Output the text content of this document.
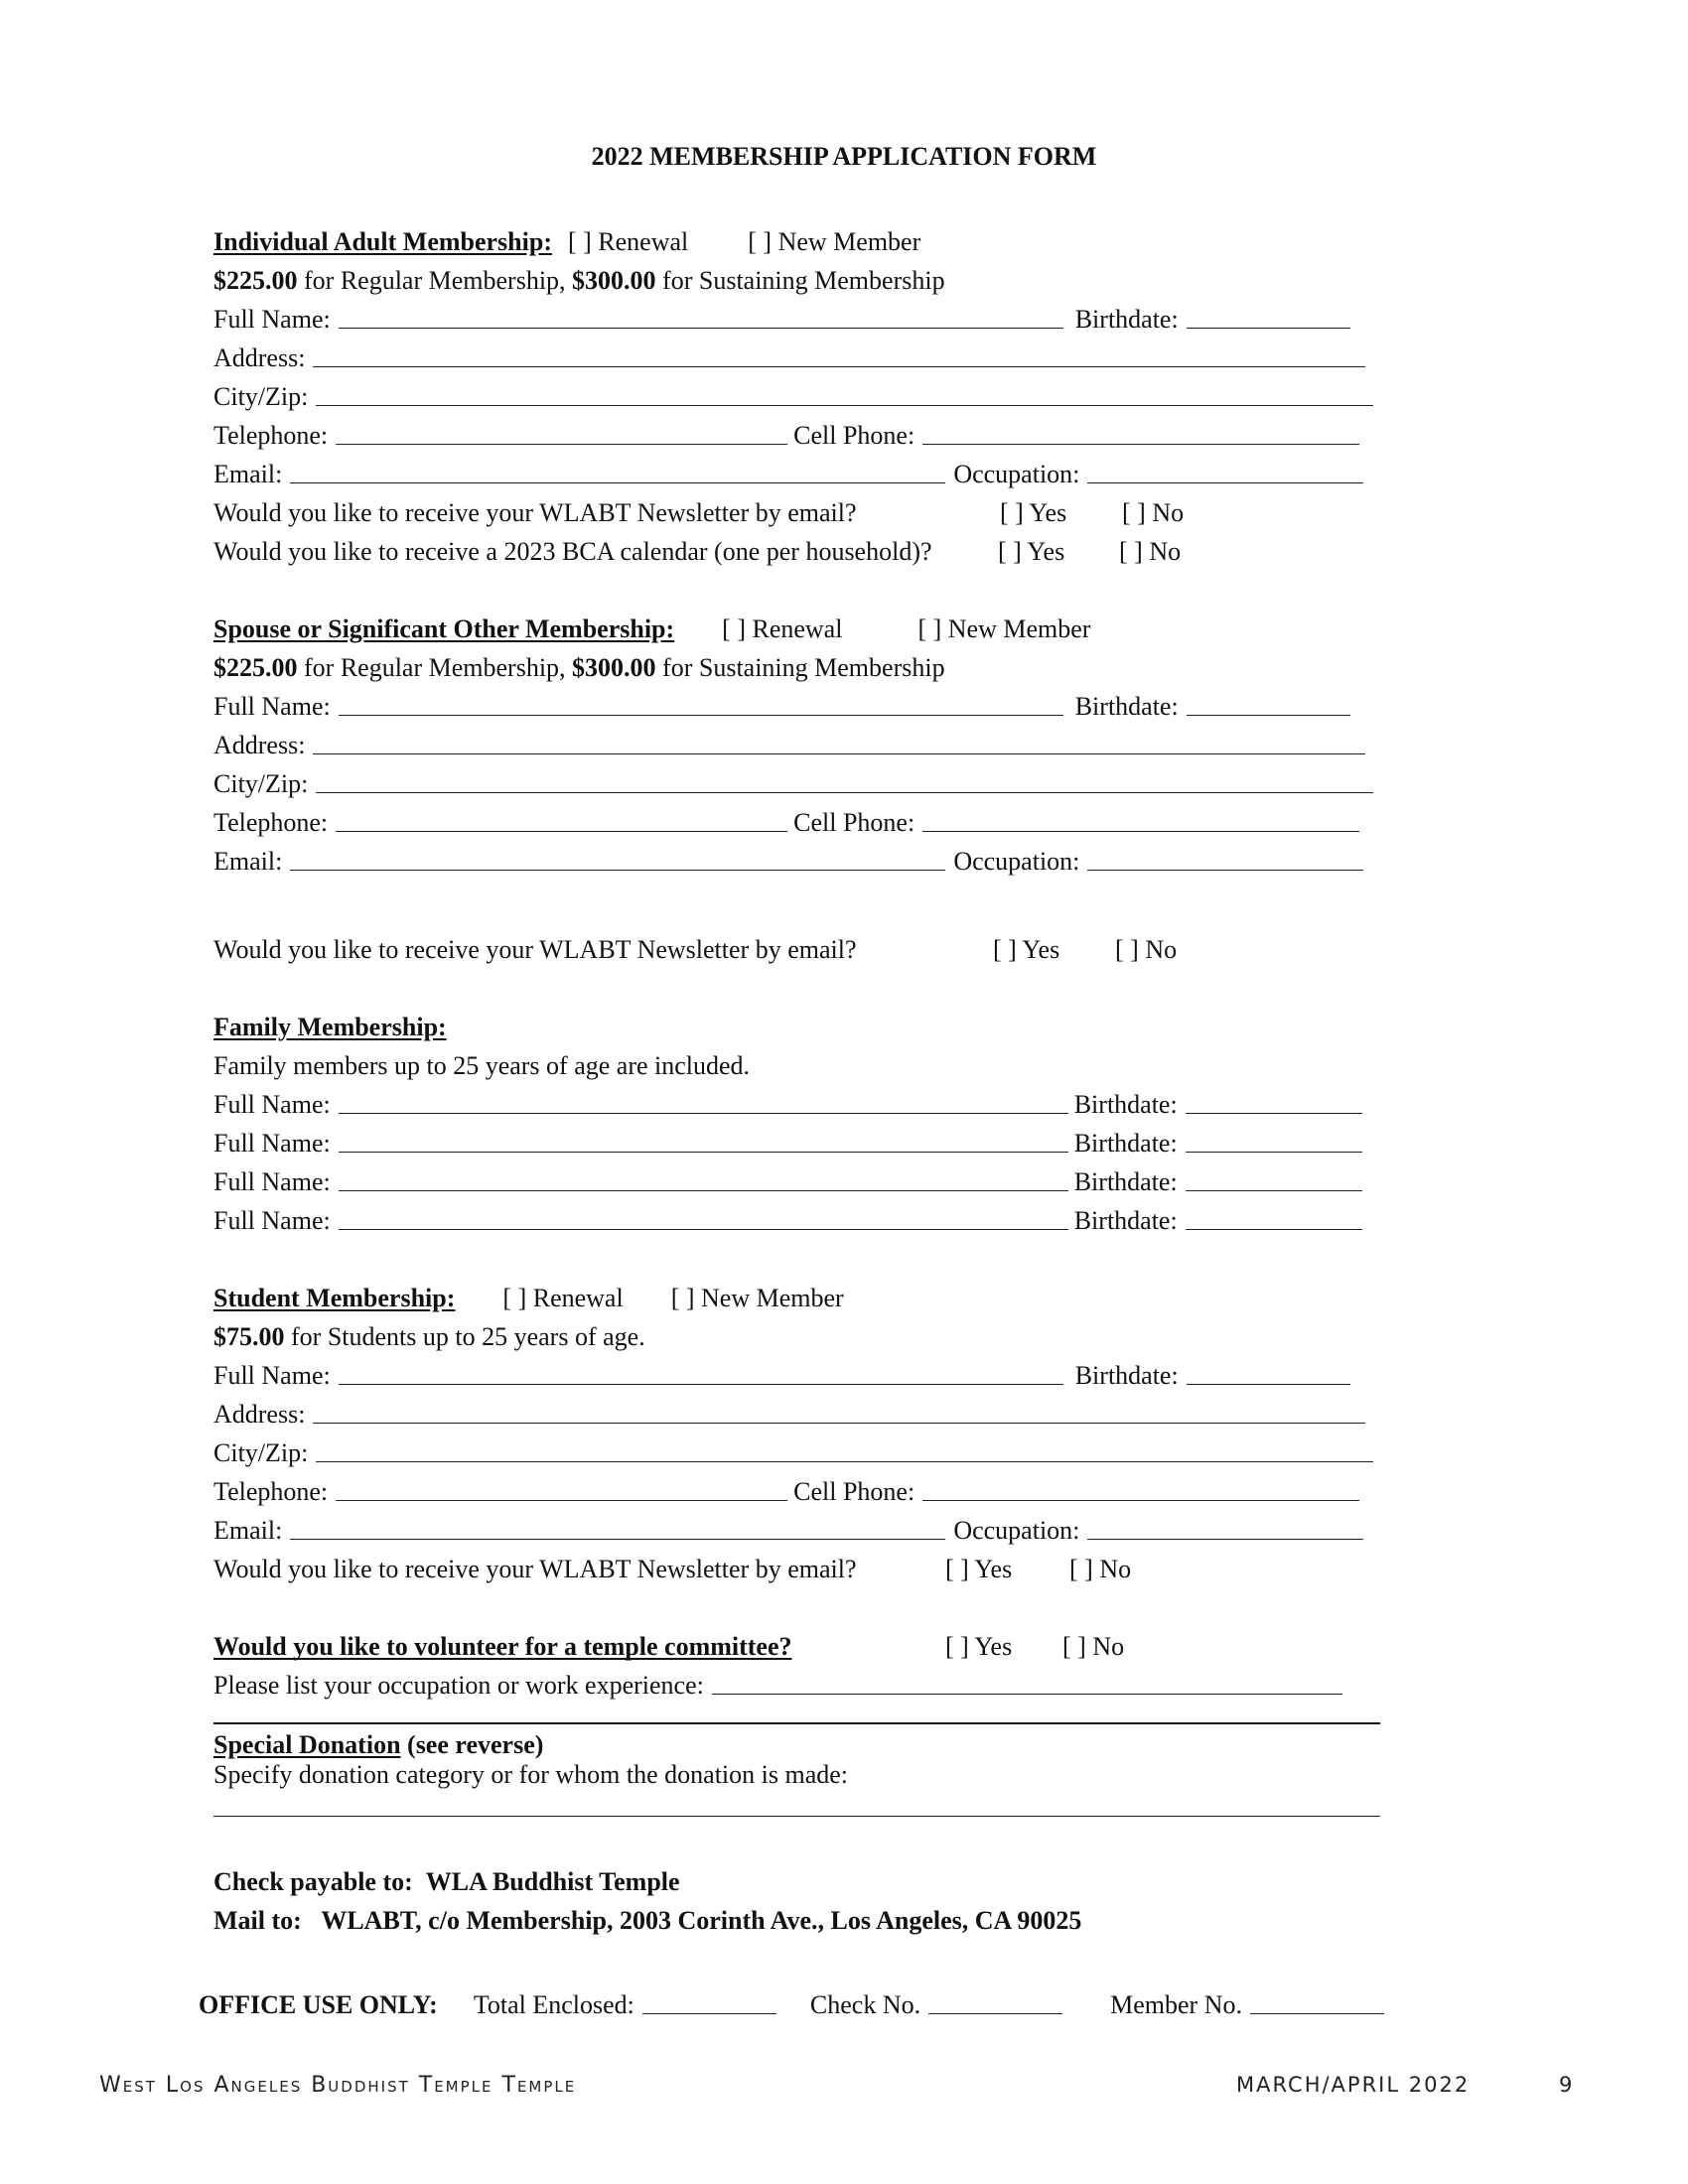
2022 MEMBERSHIP APPLICATION FORM
Individual Adult Membership: [ ] Renewal [ ] New Member
$225.00
for Regular Membership,
$300.00
for Sustaining Membership
Full Name:	Birthdate:
Address:
City/Zip:
Telephone:	Cell Phone:
Email:	Occupation:
Would you like to receive your WLABT Newsletter by email?	[ ] Yes	[ ] No
Would you like to receive a 2023 BCA calendar (one per household)?	[ ] Yes	[ ] No
Spouse or Significant Other Membership: [ ] Renewal	[ ] New Member
$225.00
for Regular Membership,
$300.00
for Sustaining Membership
Full Name:	Birthdate:
Address:
City/Zip:
Telephone:	Cell Phone:
Email:	Occupation:
Would you like to receive your WLABT Newsletter by email?	[ ] Yes	[ ] No
Family Membership:
Family members up to 25 years of age are included.
Full Name:	Birthdate:
Full Name:	Birthdate:
Full Name:	Birthdate:
Full Name:	Birthdate:
Student Membership: [ ] Renewal [ ] New Member
$75.00
for Students up to 25 years of age.
Full Name:	Birthdate:
Address:
City/Zip:
Telephone:	Cell Phone:
Email:	Occupation:
Would you like to receive your WLABT Newsletter by email?	[ ] Yes	[ ] No
Would you like to volunteer for a temple committee?	[ ] Yes	[ ] No
Please list your occupation or work experience:
Special Donation
(see reverse)
Specify donation category or for whom the donation is made:
Check payable to:
WLA Buddhist Temple
Mail to:
WLABT, c/o Membership, 2003 Corinth Ave., Los Angeles, CA 90025
OFFICE USE ONLY: Total Enclosed:	Check No.	Member No.
West Los Angeles Buddhist Temple Temple	MARCH/APRIL 2022	9
